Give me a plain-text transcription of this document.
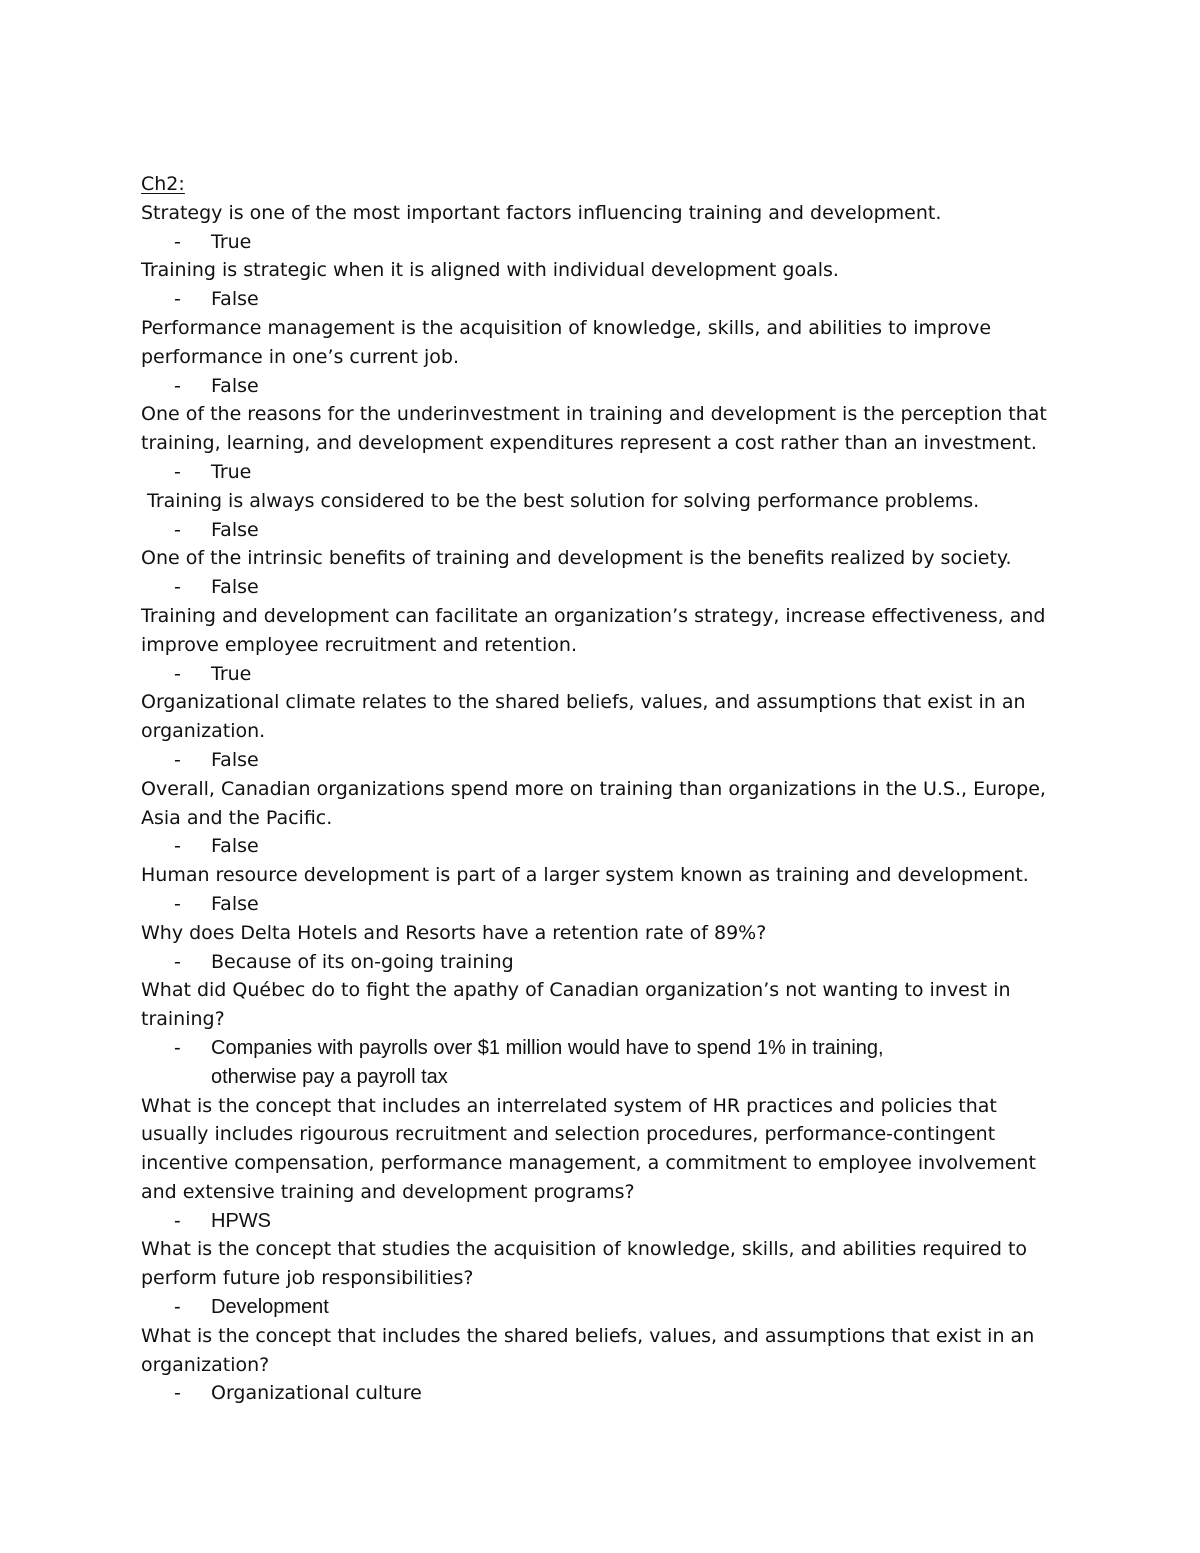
Ch2:
Strategy is one of the most important factors influencing training and development.
- True
Training is strategic when it is aligned with individual development goals.
- False
Performance management is the acquisition of knowledge, skills, and abilities to improve
performance in one’s current job.
- False
One of the reasons for the underinvestment in training and development is the perception that
training, learning, and development expenditures represent a cost rather than an investment.
- True
Training is always considered to be the best solution for solving performance problems.
- False
One of the intrinsic benefits of training and development is the benefits realized by society.
- False
Training and development can facilitate an organization’s strategy, increase effectiveness, and
improve employee recruitment and retention.
- True
Organizational climate relates to the shared beliefs, values, and assumptions that exist in an
organization.
- False
Overall, Canadian organizations spend more on training than organizations in the U.S., Europe,
Asia and the Pacific.
- False
Human resource development is part of a larger system known as training and development.
- False
Why does Delta Hotels and Resorts have a retention rate of 89%?
- Because of its on-going training
What did Québec do to fight the apathy of Canadian organization’s not wanting to invest in
training?
- Companies with payrolls over $1 million would have to spend 1% in training,
otherwise pay a payroll tax
What is the concept that includes an interrelated system of HR practices and policies that
usually includes rigourous recruitment and selection procedures, performance-contingent
incentive compensation, performance management, a commitment to employee involvement
and extensive training and development programs?
- HPWS
What is the concept that studies the acquisition of knowledge, skills, and abilities required to
perform future job responsibilities?
- Development
What is the concept that includes the shared beliefs, values, and assumptions that exist in an
organization?
- Organizational culture
